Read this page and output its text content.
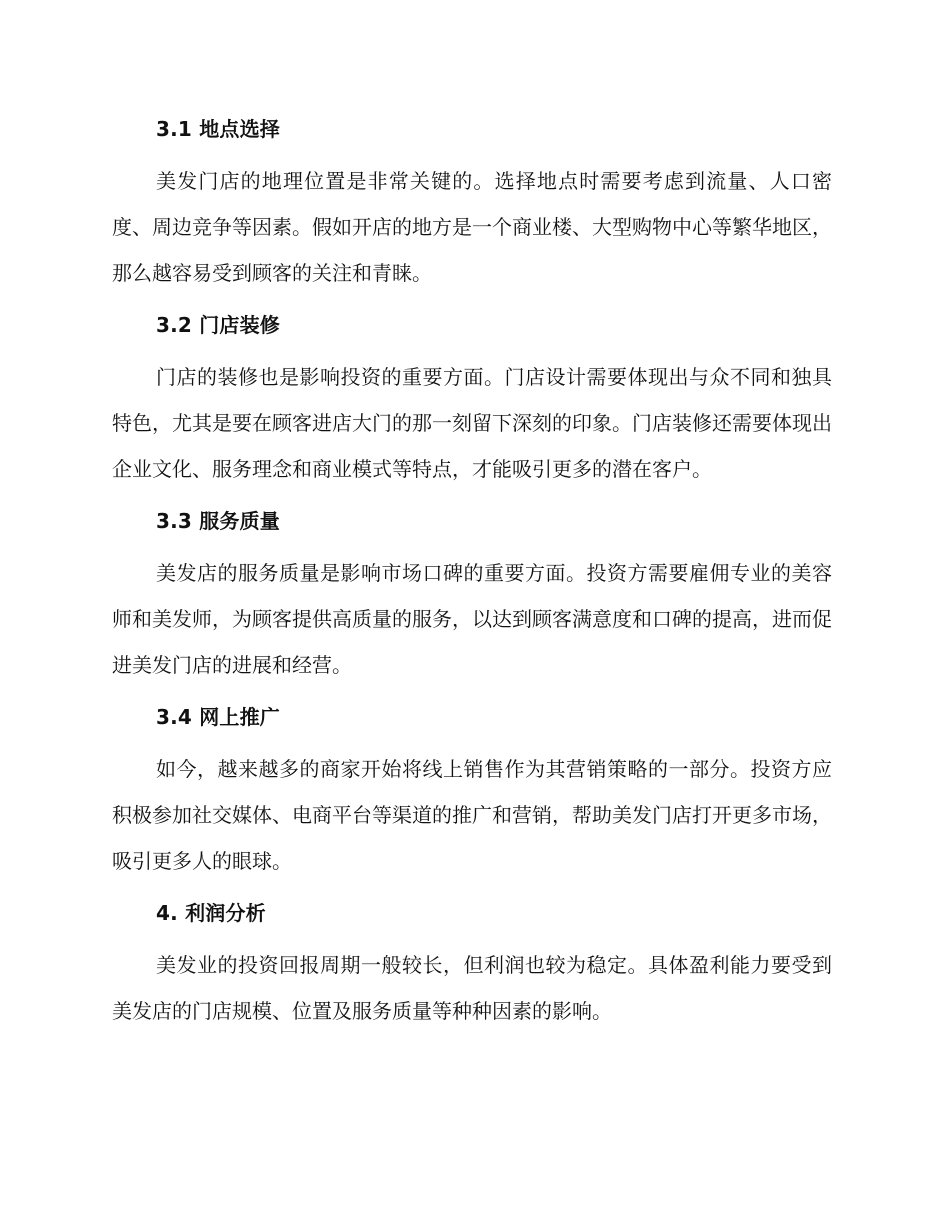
3.1 地点选择

美发门店的地理位置是非常关键的。选择地点时需要考虑到流量、人口密度、周边竞争等因素。假如开店的地方是一个商业楼、大型购物中心等繁华地区，那么越容易受到顾客的关注和青睐。

3.2 门店装修

门店的装修也是影响投资的重要方面。门店设计需要体现出与众不同和独具特色，尤其是要在顾客进店大门的那一刻留下深刻的印象。门店装修还需要体现出企业文化、服务理念和商业模式等特点，才能吸引更多的潜在客户。

3.3 服务质量

美发店的服务质量是影响市场口碑的重要方面。投资方需要雇佣专业的美容师和美发师，为顾客提供高质量的服务，以达到顾客满意度和口碑的提高，进而促进美发门店的进展和经营。

3.4 网上推广

如今，越来越多的商家开始将线上销售作为其营销策略的一部分。投资方应积极参加社交媒体、电商平台等渠道的推广和营销，帮助美发门店打开更多市场，吸引更多人的眼球。

4. 利润分析

美发业的投资回报周期一般较长，但利润也较为稳定。具体盈利能力要受到美发店的门店规模、位置及服务质量等种种因素的影响。
